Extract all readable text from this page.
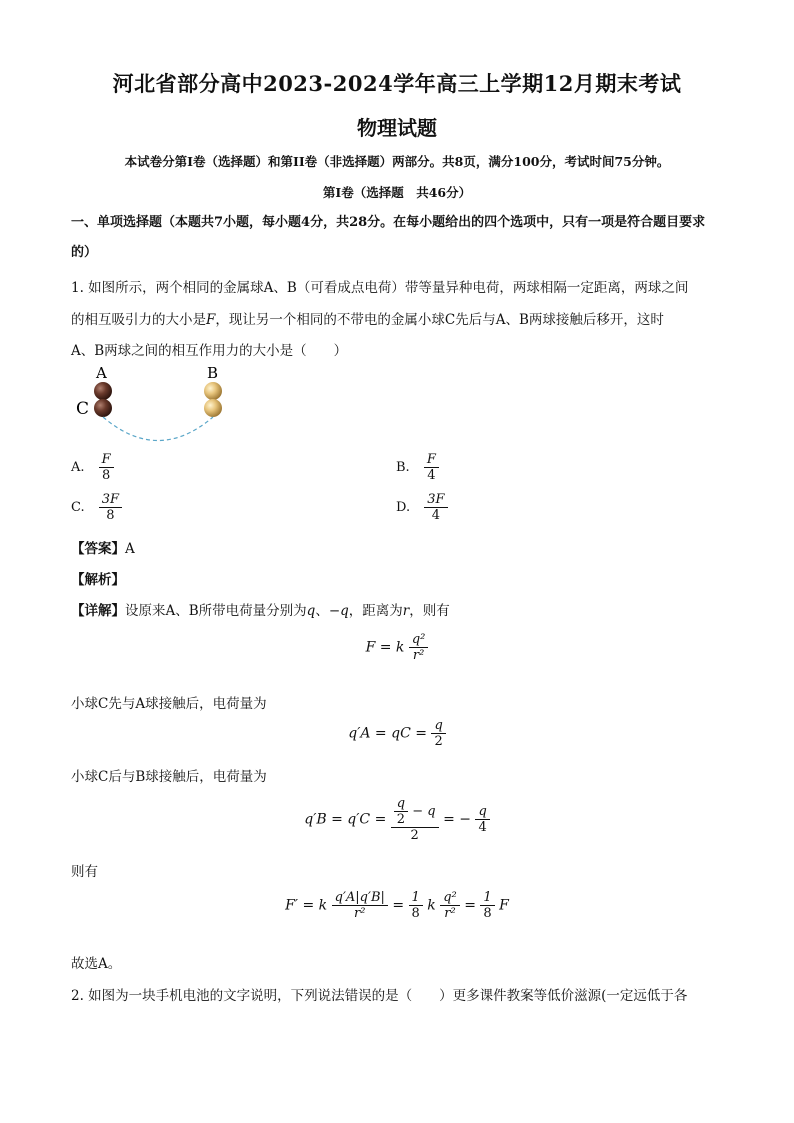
河北省部分高中2023-2024学年高三上学期12月期末考试
物理试题
本试卷分第I卷（选择题）和第II卷（非选择题）两部分。共8页，满分100分，考试时间75分钟。
第I卷（选择题　共46分）
一、单项选择题（本题共7小题，每小题4分，共28分。在每小题给出的四个选项中，只有一项是符合题目要求的）
1. 如图所示，两个相同的金属球A、B（可看成点电荷）带等量异种电荷，两球相隔一定距离，两球之间
的相互吸引力的大小是F，现让另一个相同的不带电的金属小球C先后与A、B两球接触后移开，这时
A、B两球之间的相互作用力的大小是（　　）
A	B
C
A. $\frac{F}{8}$	B. $\frac{F}{4}$
C. $\frac{3F}{8}$	D. $\frac{3F}{4}$
【答案】A
【解析】
【详解】设原来A、B所带电荷量分别为q、−q，距离为r，则有
F = k $\frac{\text{q²}}{\text{r²}}$
小球C先与A球接触后，电荷量为
q′A = qC = $\frac{q}{2}$
小球C后与B球接触后，电荷量为
$q'B = q'C = \frac{\frac{q}{2} - q}{2}$ = − $\frac{q}{4}$
则有
F′ = k $\frac{q'A|q'B|}{\text{r²}} = \frac{1}{8}$ k $\frac{\text{q²}}{\text{r²}} = \frac{1}{8}$ F
故选A。
2. 如图为一块手机电池的文字说明，下列说法错误的是（　　）更多课件教案等低价滋源(一定远低于各
